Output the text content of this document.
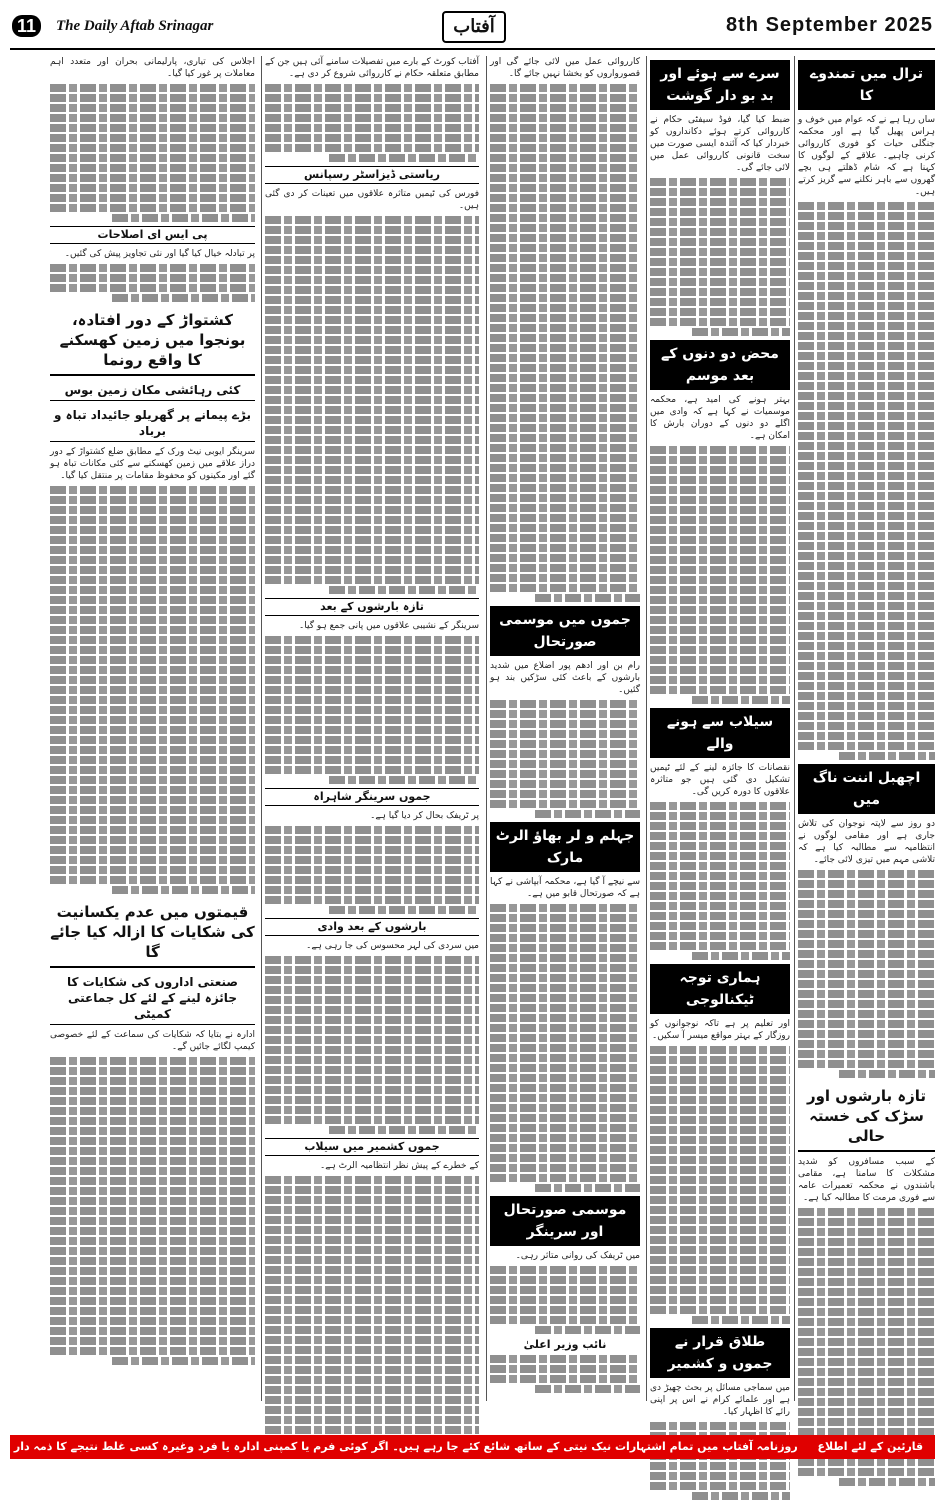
11	The Daily Aftab Srinagar	آفتاب	8th September 2025
ترال میں تمندوے کا

ساں رہا ہے نے کہ عوام میں خوف و ہراس پھیل گیا ہے اور محکمہ جنگلی حیات کو فوری کارروائی کرنی چاہیے۔ علاقے کے لوگوں کا کہنا ہے کہ شام ڈھلتے ہی بچے گھروں سے باہر نکلنے سے گریز کرتے ہیں۔

اچھبل اننت ناگ میں

دو روز سے لاپتہ نوجوان کی تلاش جاری ہے اور مقامی لوگوں نے انتظامیہ سے مطالبہ کیا ہے کہ تلاشی مہم میں تیزی لائی جائے۔

تازہ بارشوں اور سڑک کی خستہ حالی

کے سبب مسافروں کو شدید مشکلات کا سامنا ہے، مقامی باشندوں نے محکمہ تعمیرات عامہ سے فوری مرمت کا مطالبہ کیا ہے۔

سرے سے ہوئے اور بد بو دار گوشت

ضبط کیا گیا، فوڈ سیفٹی حکام نے کارروائی کرتے ہوئے دکانداروں کو خبردار کیا کہ آئندہ ایسی صورت میں سخت قانونی کارروائی عمل میں لائی جائے گی۔

محض دو دنوں کے بعد موسم

بہتر ہونے کی امید ہے، محکمہ موسمیات نے کہا ہے کہ وادی میں اگلے دو دنوں کے دوران بارش کا امکان ہے۔

سیلاب سے ہونے والے

نقصانات کا جائزہ لینے کے لئے ٹیمیں تشکیل دی گئی ہیں جو متاثرہ علاقوں کا دورہ کریں گی۔

ہماری توجہ ٹیکنالوجی

اور تعلیم پر ہے تاکہ نوجوانوں کو روزگار کے بہتر مواقع میسر آ سکیں۔

طلاق قرار نے جموں و کشمیر

میں سماجی مسائل پر بحث چھیڑ دی ہے اور علمائے کرام نے اس پر اپنی رائے کا اظہار کیا۔

کارروائی عمل میں لائی جائے گی اور قصورواروں کو بخشا نہیں جائے گا۔

جموں میں موسمی صورتحال

رام بن اور ادھم پور اضلاع میں شدید بارشوں کے باعث کئی سڑکیں بند ہو گئیں۔

جہلم و لر بھاؤ الرٹ مارک

سے نیچے آ گیا ہے، محکمہ آبپاشی نے کہا ہے کہ صورتحال قابو میں ہے۔

موسمی صورتحال اور سرینگر

میں ٹریفک کی روانی متاثر رہی۔

نائب وزیر اعلیٰ

آفتاب کورٹ کے بارے میں تفصیلات سامنے آئی ہیں جن کے مطابق متعلقہ حکام نے کارروائی شروع کر دی ہے۔

ریاستی ڈیزاسٹر رسپانس

فورس کی ٹیمیں متاثرہ علاقوں میں تعینات کر دی گئی ہیں۔

تازہ بارشوں کے بعد

سرینگر کے نشیبی علاقوں میں پانی جمع ہو گیا۔

جموں سرینگر شاہراہ

پر ٹریفک بحال کر دیا گیا ہے۔

بارشوں کے بعد وادی

میں سردی کی لہر محسوس کی جا رہی ہے۔

جموں کشمیر میں سیلاب

کے خطرے کے پیش نظر انتظامیہ الرٹ ہے۔

اجلاس کی تیاری، پارلیمانی بحران اور متعدد اہم معاملات پر غور کیا گیا۔

پی ایس ای اصلاحات

پر تبادلہ خیال کیا گیا اور نئی تجاویز پیش کی گئیں۔

کشتواڑ کے دور افتادہ، بونجوا میں زمین کھسکنے کا واقع رونما
کئی رہائشی مکان زمین بوس
بڑے پیمانے پر گھریلو جائیداد تباہ و برباد

سرینگر ایوبی نیٹ ورک کے مطابق ضلع کشتواڑ کے دور دراز علاقے میں زمین کھسکنے سے کئی مکانات تباہ ہو گئے اور مکینوں کو محفوظ مقامات پر منتقل کیا گیا۔

قیمتوں میں عدم یکسانیت کی شکایات کا ازالہ کیا جائے گا
صنعتی اداروں کی شکایات کا جائزہ لینے کے لئے کل جماعتی کمیٹی

ادارہ نے بتایا کہ شکایات کی سماعت کے لئے خصوصی کیمپ لگائے جائیں گے۔

قارئین کے لئے اطلاع روزنامہ آفتاب میں تمام اشتہارات نیک نیتی کے ساتھ شائع کئے جا رہے ہیں۔ اگر کوئی فرم یا کمپنی ادارہ یا فرد وغیرہ کسی غلط نتیجے کا ذمہ دار نہیں ہے انتظامیہ اشتہارات
